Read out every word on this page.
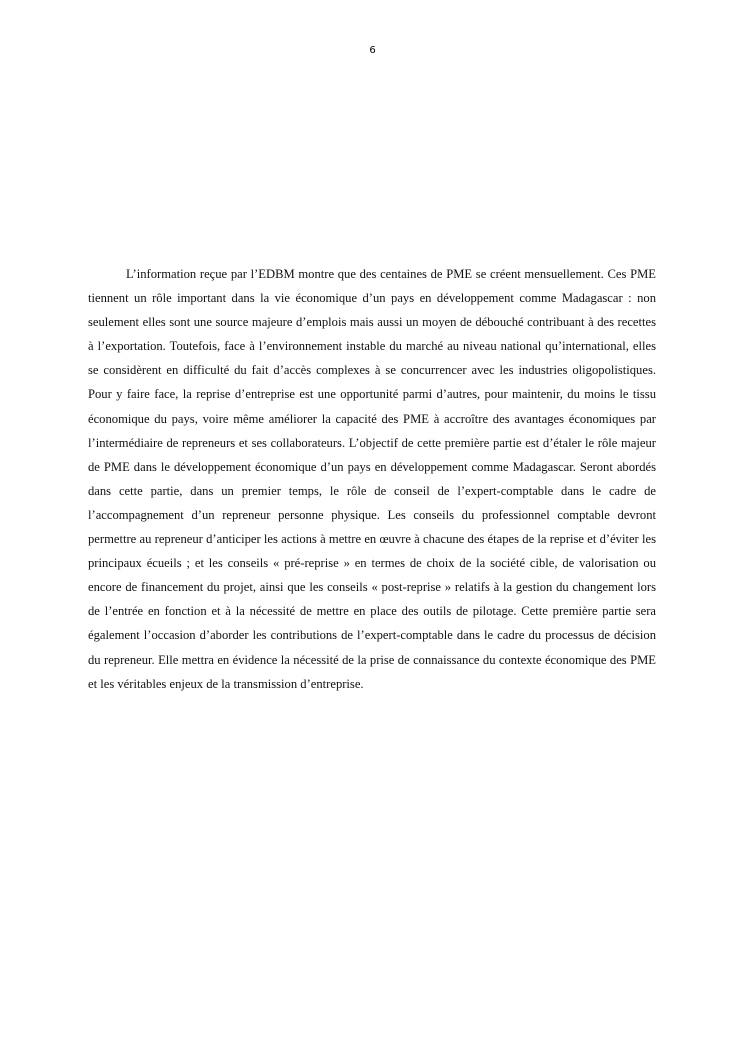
6

L’information reçue par l’EDBM montre que des centaines de PME se créent mensuellement. Ces PME tiennent un rôle important dans la vie économique d’un pays en développement comme Madagascar : non seulement elles sont une source majeure d’emplois mais aussi un moyen de débouché contribuant à des recettes à l’exportation. Toutefois, face à l’environnement instable du marché au niveau national qu’international, elles se considèrent en difficulté du fait d’accès complexes à se concurrencer avec les industries oligopolistiques. Pour y faire face, la reprise d’entreprise est une opportunité parmi d’autres, pour maintenir, du moins le tissu économique du pays, voire même améliorer la capacité des PME à accroître des avantages économiques par l’intermédiaire de repreneurs et ses collaborateurs. L’objectif de cette première partie est d’étaler le rôle majeur de PME dans le développement économique d’un pays en développement comme Madagascar. Seront abordés dans cette partie, dans un premier temps, le rôle de conseil de l’expert-comptable dans le cadre de l’accompagnement d’un repreneur personne physique. Les conseils du professionnel comptable devront permettre au repreneur d’anticiper les actions à mettre en œuvre à chacune des étapes de la reprise et d’éviter les principaux écueils ; et les conseils « pré-reprise » en termes de choix de la société cible, de valorisation ou encore de financement du projet, ainsi que les conseils « post-reprise » relatifs à la gestion du changement lors de l’entrée en fonction et à la nécessité de mettre en place des outils de pilotage. Cette première partie sera également l’occasion d’aborder les contributions de l’expert-comptable dans le cadre du processus de décision du repreneur. Elle mettra en évidence la nécessité de la prise de connaissance du contexte économique des PME et les véritables enjeux de la transmission d’entreprise.
